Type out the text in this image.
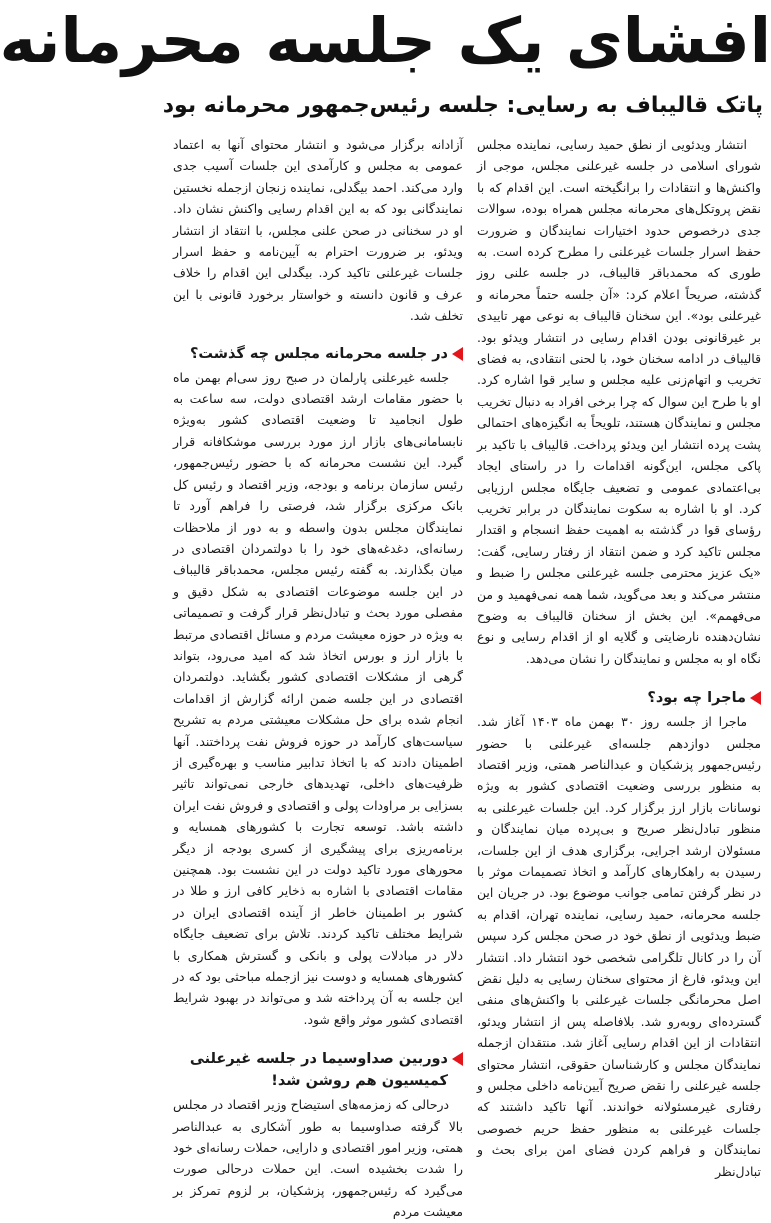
افشای یک جلسه محرمانه
پاتک قالیباف به رسایی: جلسه رئیس‌جمهور محرمانه بود

انتشار ویدئویی از نطق حمید رسایی، نماینده مجلس شورای اسلامی در جلسه غیرعلنی مجلس، موجی از واکنش‌ها و انتقادات را برانگیخته است. این اقدام که با نقض پروتکل‌های محرمانه مجلس همراه بوده، سوالات جدی درخصوص حدود اختیارات نمایندگان و ضرورت حفظ اسرار جلسات غیرعلنی را مطرح کرده است. به طوری که محمدباقر قالیباف، در جلسه علنی روز گذشته، صریحاً اعلام کرد: «آن جلسه حتماً محرمانه و غیرعلنی بود». این سخنان قالیباف به نوعی مهر تاییدی بر غیرقانونی بودن اقدام رسایی در انتشار ویدئو بود. قالیباف در ادامه سخنان خود، با لحنی انتقادی، به فضای تخریب و اتهام‌زنی علیه مجلس و سایر قوا اشاره کرد. او با طرح این سوال که چرا برخی افراد به دنبال تخریب مجلس و نمایندگان هستند، تلویحاً به انگیزه‌های احتمالی پشت پرده انتشار این ویدئو پرداخت. قالیباف با تاکید بر پاکی مجلس، این‌گونه اقدامات را در راستای ایجاد بی‌اعتمادی عمومی و تضعیف جایگاه مجلس ارزیابی کرد. او با اشاره به سکوت نمایندگان در برابر تخریب رؤسای قوا در گذشته به اهمیت حفظ انسجام و اقتدار مجلس تاکید کرد و ضمن انتقاد از رفتار رسایی، گفت: «یک عزیز محترمی جلسه غیرعلنی مجلس را ضبط و منتشر می‌کند و بعد می‌گوید، شما همه نمی‌فهمید و من می‌فهمم». این بخش از سخنان قالیباف به وضوح نشان‌دهنده نارضایتی و گلایه او از اقدام رسایی و نوع نگاه او به مجلس و نمایندگان را نشان می‌دهد.

ماجرا چه بود؟

ماجرا از جلسه روز ۳۰ بهمن ماه ۱۴۰۳ آغاز شد. مجلس دوازدهم جلسه‌ای غیرعلنی با حضور رئیس‌جمهور پزشکیان و عبدالناصر همتی، وزیر اقتصاد به منظور بررسی وضعیت اقتصادی کشور به ویژه نوسانات بازار ارز برگزار کرد. این جلسات غیرعلنی به منظور تبادل‌نظر صریح و بی‌پرده میان نمایندگان و مسئولان ارشد اجرایی، برگزاری هدف از این جلسات، رسیدن به راهکارهای کارآمد و اتخاذ تصمیمات موثر با در نظر گرفتن تمامی جوانب موضوع بود. در جریان این جلسه محرمانه، حمید رسایی، نماینده تهران، اقدام به ضبط ویدئویی از نطق خود در صحن مجلس کرد سپس آن را در کانال تلگرامی شخصی خود انتشار داد. انتشار این ویدئو، فارغ از محتوای سخنان رسایی به دلیل نقض اصل محرمانگی جلسات غیرعلنی با واکنش‌های منفی گسترده‌ای روبه‌رو شد. بلافاصله پس از انتشار ویدئو، انتقادات از این اقدام رسایی آغاز شد. منتقدان ازجمله نمایندگان مجلس و کارشناسان حقوقی، انتشار محتوای جلسه غیرعلنی را نقض صریح آیین‌نامه داخلی مجلس و رفتاری غیرمسئولانه خواندند. آنها تاکید داشتند که جلسات غیرعلنی به منظور حفظ حریم خصوصی نمایندگان و فراهم کردن فضای امن برای بحث و تبادل‌نظر

آزادانه برگزار می‌شود و انتشار محتوای آنها به اعتماد عمومی به مجلس و کارآمدی این جلسات آسیب جدی وارد می‌کند. احمد بیگدلی، نماینده زنجان ازجمله نخستین نمایندگانی بود که به این اقدام رسایی واکنش نشان داد. او در سخنانی در صحن علنی مجلس، با انتقاد از انتشار ویدئو، بر ضرورت احترام به آیین‌نامه و حفظ اسرار جلسات غیرعلنی تاکید کرد. بیگدلی این اقدام را خلاف عرف و قانون دانسته و خواستار برخورد قانونی با این تخلف شد.

در جلسه محرمانه مجلس چه گذشت؟

جلسه غیرعلنی پارلمان در صبح روز سی‌ام بهمن ماه با حضور مقامات ارشد اقتصادی دولت، سه ساعت به طول انجامید تا وضعیت اقتصادی کشور به‌ویژه نابسامانی‌های بازار ارز مورد بررسی موشکافانه قرار گیرد. این نشست محرمانه که با حضور رئیس‌جمهور، رئیس سازمان برنامه و بودجه، وزیر اقتصاد و رئیس کل بانک مرکزی برگزار شد، فرصتی را فراهم آورد تا نمایندگان مجلس بدون واسطه و به دور از ملاحظات رسانه‌ای، دغدغه‌های خود را با دولتمردان اقتصادی در میان بگذارند. به گفته رئیس مجلس، محمدباقر قالیباف در این جلسه موضوعات اقتصادی به شکل دقیق و مفصلی مورد بحث و تبادل‌نظر قرار گرفت و تصمیماتی به ویژه در حوزه معیشت مردم و مسائل اقتصادی مرتبط با بازار ارز و بورس اتخاذ شد که امید می‌رود، بتواند گرهی از مشکلات اقتصادی کشور بگشاید. دولتمردان اقتصادی در این جلسه ضمن ارائه گزارش از اقدامات انجام شده برای حل مشکلات معیشتی مردم به تشریح سیاست‌های کارآمد در حوزه فروش نفت پرداختند. آنها اطمینان دادند که با اتخاذ تدابیر مناسب و بهره‌گیری از ظرفیت‌های داخلی، تهدیدهای خارجی نمی‌تواند تاثیر بسزایی بر مراودات پولی و اقتصادی و فروش نفت ایران داشته باشد. توسعه تجارت با کشورهای همسایه و برنامه‌ریزی برای پیشگیری از کسری بودجه از دیگر محورهای مورد تاکید دولت در این نشست بود. همچنین مقامات اقتصادی با اشاره به ذخایر کافی ارز و طلا در کشور بر اطمینان خاطر از آینده اقتصادی ایران در شرایط مختلف تاکید کردند. تلاش برای تضعیف جایگاه دلار در مبادلات پولی و بانکی و گسترش همکاری با کشورهای همسایه و دوست نیز ازجمله مباحثی بود که در این جلسه به آن پرداخته شد و می‌تواند در بهبود شرایط اقتصادی کشور موثر واقع شود.

دوربین صداوسیما در جلسه غیرعلنی کمیسیون هم روشن شد!

درحالی که زمزمه‌های استیضاح وزیر اقتصاد در مجلس بالا گرفته صداوسیما به طور آشکاری به عبدالناصر همتی، وزیر امور اقتصادی و دارایی، حملات رسانه‌ای خود را شدت بخشیده است. این حملات درحالی صورت می‌گیرد که رئیس‌جمهور، پزشکیان، بر لزوم تمرکز بر معیشت مردم
